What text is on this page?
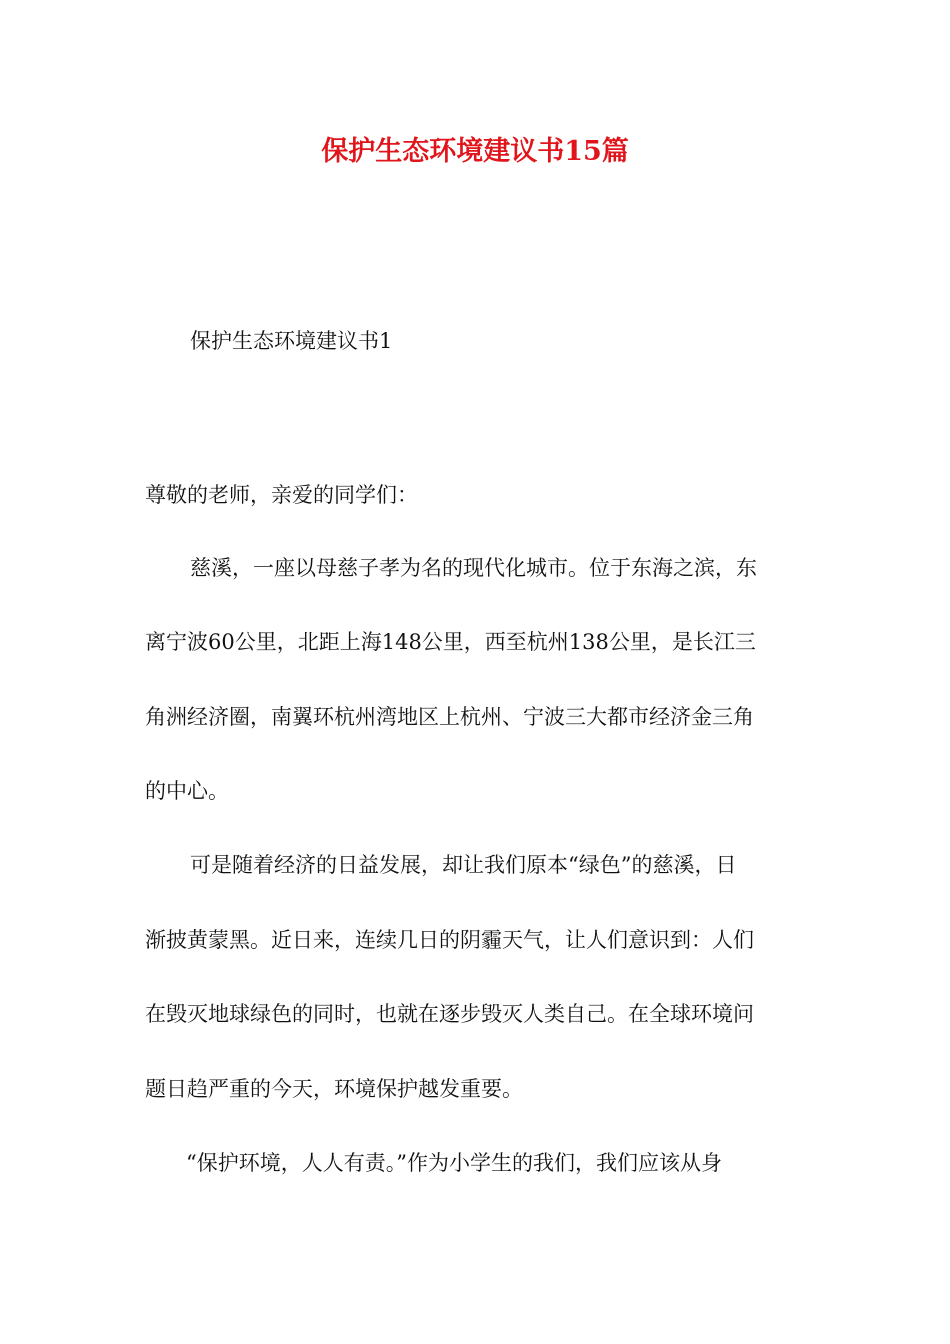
保护生态环境建议书15篇
保护生态环境建议书1
尊敬的老师，亲爱的同学们：
慈溪，一座以母慈子孝为名的现代化城市。位于东海之滨，东
离宁波60公里，北距上海148公里，西至杭州138公里，是长江三
角洲经济圈，南翼环杭州湾地区上杭州、宁波三大都市经济金三角
的中心。
可是随着经济的日益发展，却让我们原本“绿色”的慈溪，日
渐披黄蒙黑。近日来，连续几日的阴霾天气，让人们意识到：人们
在毁灭地球绿色的同时，也就在逐步毁灭人类自己。在全球环境问
题日趋严重的今天，环境保护越发重要。
“保护环境，人人有责。”作为小学生的我们，我们应该从身
